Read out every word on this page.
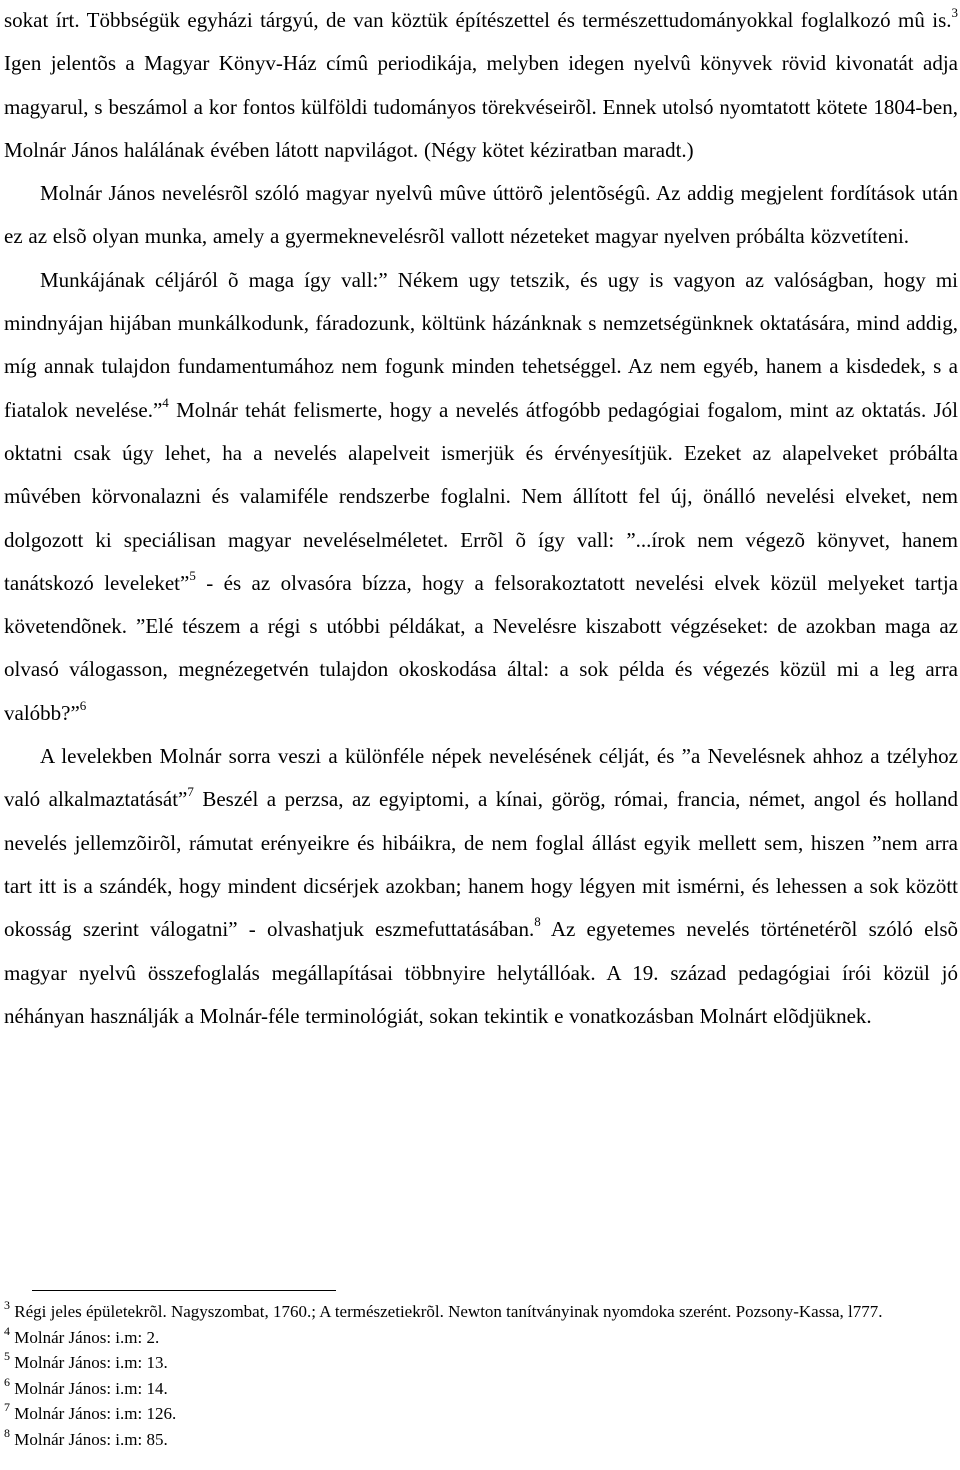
sokat írt. Többségük egyházi tárgyú, de van köztük építészettel és természettudományokkal foglalkozó mû is.$^3$ Igen jelentõs a Magyar Könyv-Ház címû periodikája, melyben idegen nyelvû könyvek rövid kivonatát adja magyarul, s beszámol a kor fontos külföldi tudományos törekvéseirõl. Ennek utolsó nyomtatott kötete 1804-ben, Molnár János halálának évében látott napvilágot. (Négy kötet kéziratban maradt.)

Molnár János nevelésrõl szóló magyar nyelvû mûve úttörõ jelentõségû. Az addig megjelent fordítások után ez az elsõ olyan munka, amely a gyermeknevelésrõl vallott nézeteket magyar nyelven próbálta közvetíteni.

Munkájának céljáról õ maga így vall:” Nékem ugy tetszik, és ugy is vagyon az valóságban, hogy mi mindnyájan hijában munkálkodunk, fáradozunk, költünk házánknak s nemzetségünknek oktatására, mind addig, míg annak tulajdon fundamentumához nem fogunk minden tehetséggel. Az nem egyéb, hanem a kisdedek, s a fiatalok nevelése.”$^4$ Molnár tehát felismerte, hogy a nevelés átfogóbb pedagógiai fogalom, mint az oktatás. Jól oktatni csak úgy lehet, ha a nevelés alapelveit ismerjük és érvényesítjük. Ezeket az alapelveket próbálta mûvében körvonalazni és valamiféle rendszerbe foglalni. Nem állított fel új, önálló nevelési elveket, nem dolgozott ki speciálisan magyar neveléselméletet. Errõl õ így vall: ”...írok nem végezõ könyvet, hanem tanátskozó leveleket”$^5$ - és az olvasóra bízza, hogy a felsorakoztatott nevelési elvek közül melyeket tartja követendõnek. ”Elé tészem a régi s utóbbi példákat, a Nevelésre kiszabott végzéseket: de azokban maga az olvasó válogasson, megnézegetvén tulajdon okoskodása által: a sok példa és végezés közül mi a leg arra valóbb?”$^6$

A levelekben Molnár sorra veszi a különféle népek nevelésének célját, és ”a Nevelésnek ahhoz a tzélyhoz való alkalmaztatását”$^7$ Beszél a perzsa, az egyiptomi, a kínai, görög, római, francia, német, angol és holland nevelés jellemzõirõl, rámutat erényeikre és hibáikra, de nem foglal állást egyik mellett sem, hiszen ”nem arra tart itt is a szándék, hogy mindent dicsérjek azokban; hanem hogy légyen mit ismérni, és lehessen a sok között okosság szerint válogatni” - olvashatjuk eszmefuttatásában.$^8$ Az egyetemes nevelés történetérõl szóló elsõ magyar nyelvû összefoglalás megállapításai többnyire helytállóak. A 19. század pedagógiai írói közül jó néhányan használják a Molnár-féle terminológiát, sokan tekintik e vonatkozásban Molnárt elõdjüknek.

$^3$ Régi jeles épületekrõl. Nagyszombat, 1760.; A természetiekrõl. Newton tanítványinak nyomdoka szerént. Pozsony-Kassa, l777.

$^4$ Molnár János: i.m: 2.

$^5$ Molnár János: i.m: 13.

$^6$ Molnár János: i.m: 14.

$^7$ Molnár János: i.m: 126.

$^8$ Molnár János: i.m: 85.
